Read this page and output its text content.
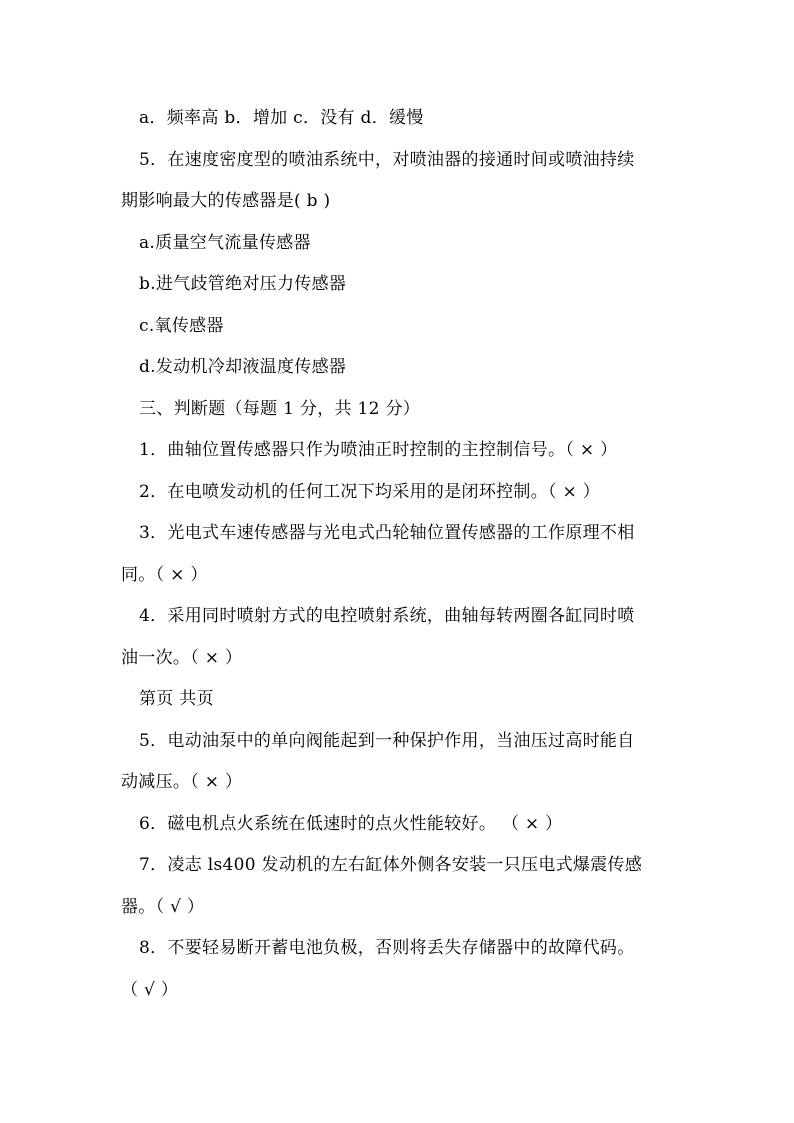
a．频率高 b．增加 c．没有 d．缓慢
5．在速度密度型的喷油系统中，对喷油器的接通时间或喷油持续
期影响最大的传感器是( b )
a.质量空气流量传感器
b.进气歧管绝对压力传感器
c.氧传感器
d.发动机冷却液温度传感器
三、判断题（每题 1 分，共 12 分）
1．曲轴位置传感器只作为喷油正时控制的主控制信号。（ × ）
2．在电喷发动机的任何工况下均采用的是闭环控制。（ × ）
3．光电式车速传感器与光电式凸轮轴位置传感器的工作原理不相
同。（ × ）
4．采用同时喷射方式的电控喷射系统，曲轴每转两圈各缸同时喷
油一次。（ × ）
第页 共页
5．电动油泵中的单向阀能起到一种保护作用，当油压过高时能自
动减压。（ × ）
6．磁电机点火系统在低速时的点火性能较好。 （ × ）
7．凌志 ls400 发动机的左右缸体外侧各安装一只压电式爆震传感
器。（ √ ）
8．不要轻易断开蓄电池负极，否则将丢失存储器中的故障代码。
（ √ ）
